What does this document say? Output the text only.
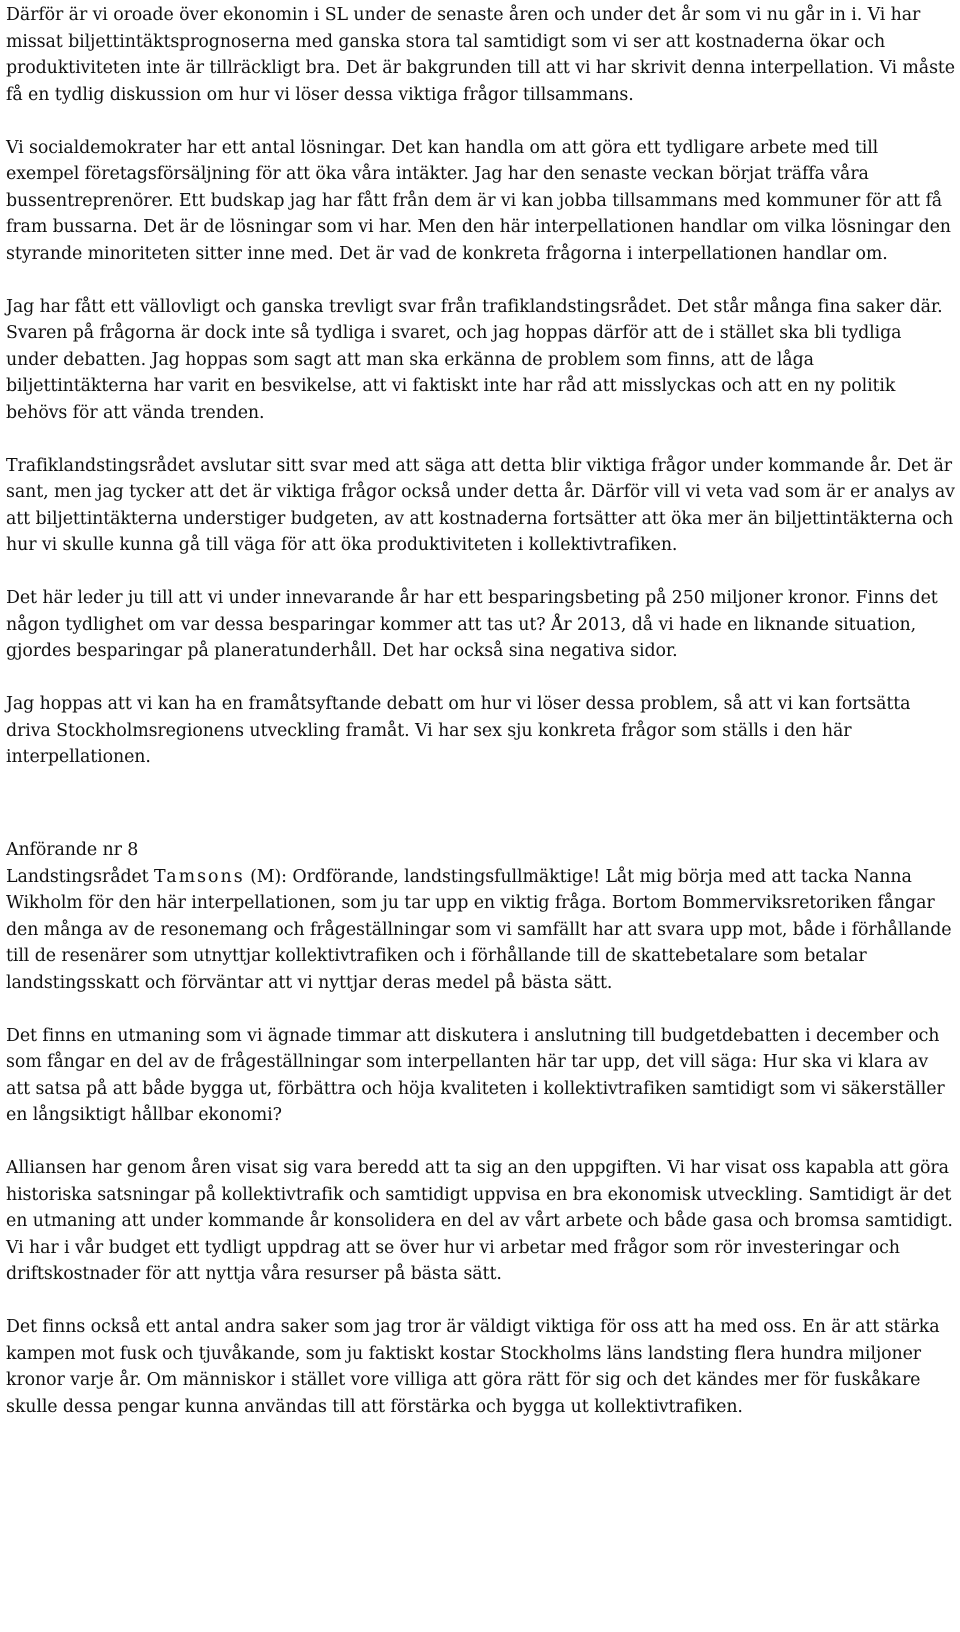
Därför är vi oroade över ekonomin i SL under de senaste åren och under det år som vi nu går in i. Vi har missat biljettintäktsprognoserna med ganska stora tal samtidigt som vi ser att kostnaderna ökar och produktiviteten inte är tillräckligt bra. Det är bakgrunden till att vi har skrivit denna interpellation. Vi måste få en tydlig diskussion om hur vi löser dessa viktiga frågor tillsammans.

Vi socialdemokrater har ett antal lösningar. Det kan handla om att göra ett tydligare arbete med till exempel företagsförsäljning för att öka våra intäkter. Jag har den senaste veckan börjat träffa våra bussentreprenörer. Ett budskap jag har fått från dem är vi kan jobba tillsammans med kommuner för att få fram bussarna. Det är de lösningar som vi har. Men den här interpellationen handlar om vilka lösningar den styrande minoriteten sitter inne med. Det är vad de konkreta frågorna i interpellationen handlar om.

Jag har fått ett vällovligt och ganska trevligt svar från trafiklandstingsrådet. Det står många fina saker där. Svaren på frågorna är dock inte så tydliga i svaret, och jag hoppas därför att de i stället ska bli tydliga under debatten. Jag hoppas som sagt att man ska erkänna de problem som finns, att de låga biljettintäkterna har varit en besvikelse, att vi faktiskt inte har råd att misslyckas och att en ny politik behövs för att vända trenden.

Trafiklandstingsrådet avslutar sitt svar med att säga att detta blir viktiga frågor under kommande år. Det är sant, men jag tycker att det är viktiga frågor också under detta år. Därför vill vi veta vad som är er analys av att biljettintäkterna understiger budgeten, av att kostnaderna fortsätter att öka mer än biljettintäkterna och hur vi skulle kunna gå till väga för att öka produktiviteten i kollektivtrafiken.

Det här leder ju till att vi under innevarande år har ett besparingsbeting på 250 miljoner kronor. Finns det någon tydlighet om var dessa besparingar kommer att tas ut? År 2013, då vi hade en liknande situation, gjordes besparingar på planeratunderhåll. Det har också sina negativa sidor.

Jag hoppas att vi kan ha en framåtsyftande debatt om hur vi löser dessa problem, så att vi kan fortsätta driva Stockholmsregionens utveckling framåt. Vi har sex sju konkreta frågor som ställs i den här interpellationen.

Anförande nr 8

Landstingsrådet Tamsons (M): Ordförande, landstingsfullmäktige! Låt mig börja med att tacka Nanna Wikholm för den här interpellationen, som ju tar upp en viktig fråga. Bortom Bommerviksretoriken fångar den många av de resonemang och frågeställningar som vi samfällt har att svara upp mot, både i förhållande till de resenärer som utnyttjar kollektivtrafiken och i förhållande till de skattebetalare som betalar landstingsskatt och förväntar att vi nyttjar deras medel på bästa sätt.

Det finns en utmaning som vi ägnade timmar att diskutera i anslutning till budgetdebatten i december och som fångar en del av de frågeställningar som interpellanten här tar upp, det vill säga: Hur ska vi klara av att satsa på att både bygga ut, förbättra och höja kvaliteten i kollektivtrafiken samtidigt som vi säkerställer en långsiktigt hållbar ekonomi?

Alliansen har genom åren visat sig vara beredd att ta sig an den uppgiften. Vi har visat oss kapabla att göra historiska satsningar på kollektivtrafik och samtidigt uppvisa en bra ekonomisk utveckling. Samtidigt är det en utmaning att under kommande år konsolidera en del av vårt arbete och både gasa och bromsa samtidigt. Vi har i vår budget ett tydligt uppdrag att se över hur vi arbetar med frågor som rör investeringar och driftskostnader för att nyttja våra resurser på bästa sätt.

Det finns också ett antal andra saker som jag tror är väldigt viktiga för oss att ha med oss. En är att stärka kampen mot fusk och tjuvåkande, som ju faktiskt kostar Stockholms läns landsting flera hundra miljoner kronor varje år. Om människor i stället vore villiga att göra rätt för sig och det kändes mer för fuskåkare skulle dessa pengar kunna användas till att förstärka och bygga ut kollektivtrafiken.
